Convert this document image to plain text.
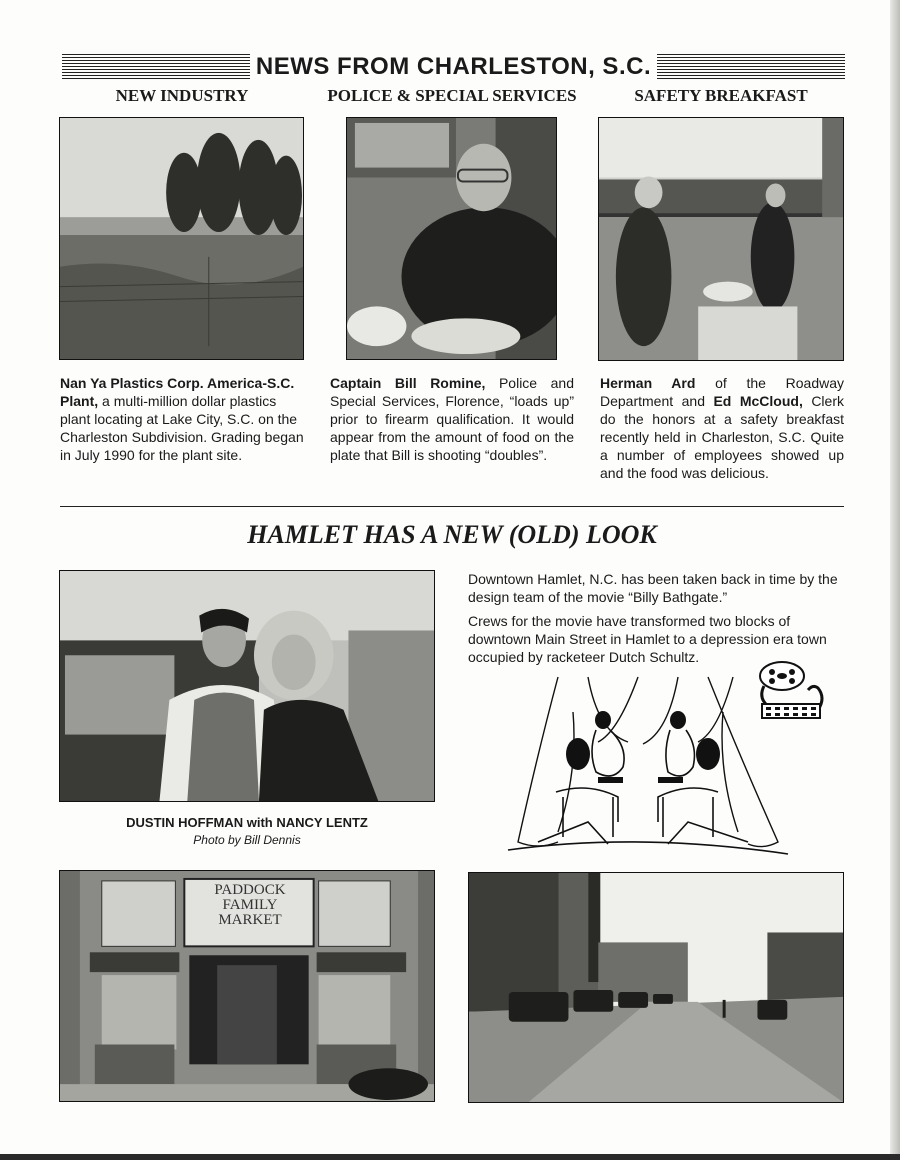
NEWS FROM CHARLESTON, S.C.
NEW INDUSTRY	POLICE & SPECIAL SERVICES	SAFETY BREAKFAST
Nan Ya Plastics Corp. America-S.C. Plant, a multi-million dollar plastics plant locating at Lake City, S.C. on the Charleston Subdivision. Grading began in July 1990 for the plant site.
Captain Bill Romine, Police and Special Services, Florence, “loads up” prior to firearm qualification. It would appear from the amount of food on the plate that Bill is shooting “doubles”.
Herman Ard of the Roadway Department and Ed McCloud, Clerk do the honors at a safety breakfast recently held in Charleston, S.C. Quite a number of employees showed up and the food was delicious.
HAMLET HAS A NEW (OLD) LOOK
DUSTIN HOFFMAN with NANCY LENTZ
Photo by Bill Dennis
Downtown Hamlet, N.C. has been taken back in time by the design team of the movie “Billy Bathgate.”
Crews for the movie have transformed two blocks of downtown Main Street in Hamlet to a depression era town occupied by racketeer Dutch Schultz.
PADDOCK
FAMILY
MARKET
